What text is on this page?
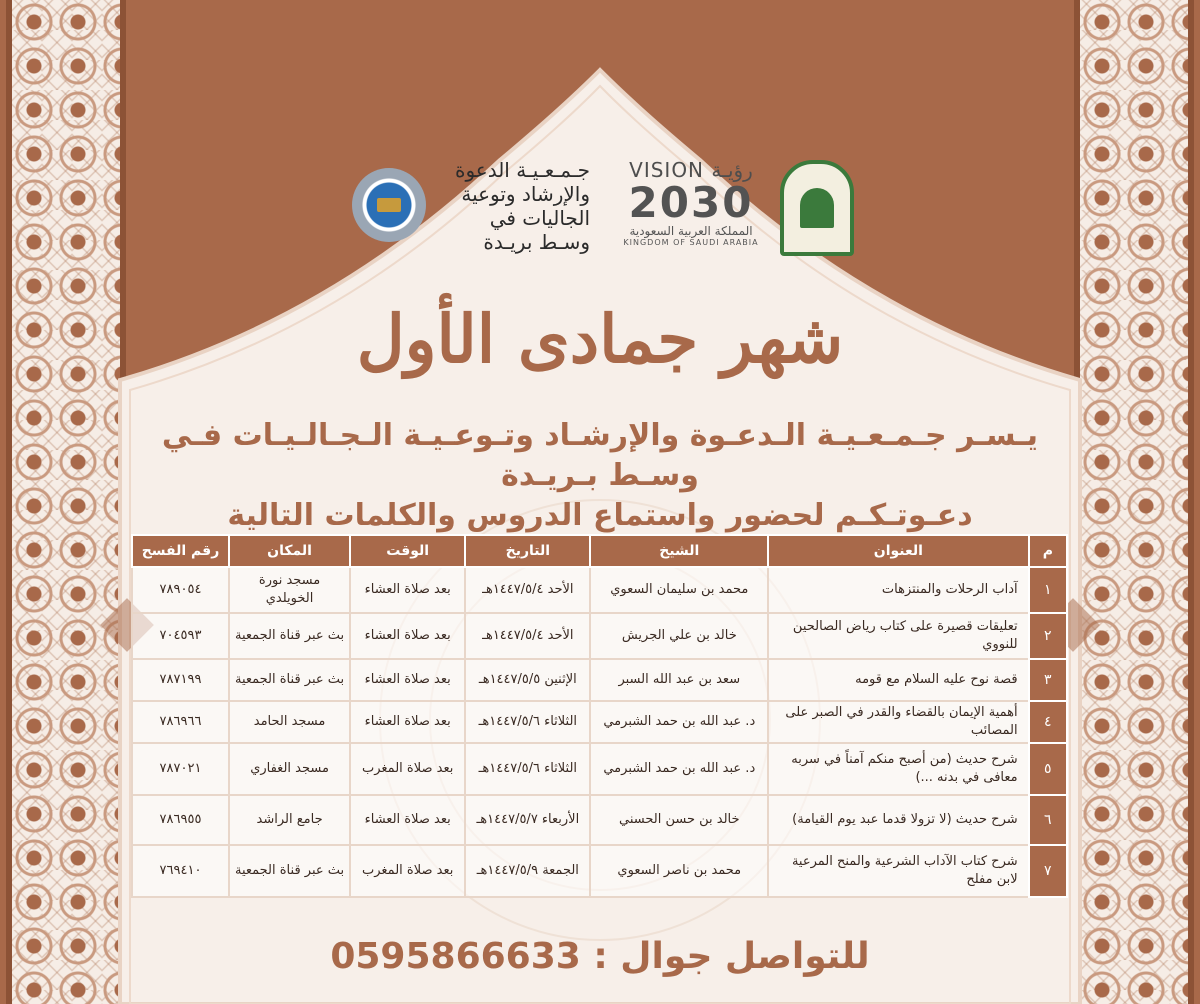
جـمـعـيـة الدعوة والإرشاد وتوعية الجاليات في وسـط بريـدة
VISION رؤيـة
2030
المملكة العربية السعودية
KINGDOM OF SAUDI ARABIA
شهر جمادى الأول
يـسـر جـمـعـيـة الـدعـوة والإرشـاد وتـوعـيـة الـجـالـيـات فـي وسـط بـريـدة
دعـوتـكـم لحضور واستماع الدروس والكلمات التالية
م	العنوان	الشيخ	التاريخ	الوقت	المكان	رقم الفسح
١	آداب الرحلات والمنتزهات	محمد بن سليمان السعوي	الأحد ١٤٤٧/٥/٤هـ	بعد صلاة العشاء	مسجد نورة الخويلدي	٧٨٩٠٥٤
٢	تعليقات قصيرة على كتاب رياض الصالحين للنووي	خالد بن علي الجريش	الأحد ١٤٤٧/٥/٤هـ	بعد صلاة العشاء	بث عبر قناة الجمعية	٧٠٤٥٩٣
٣	قصة نوح عليه السلام مع قومه	سعد بن عبد الله السبر	الإثنين ١٤٤٧/٥/٥هـ	بعد صلاة العشاء	بث عبر قناة الجمعية	٧٨٧١٩٩
٤	أهمية الإيمان بالقضاء والقدر في الصبر على المصائب	د. عبد الله بن حمد الشبرمي	الثلاثاء ١٤٤٧/٥/٦هـ	بعد صلاة العشاء	مسجد الحامد	٧٨٦٩٦٦
٥	شرح حديث (من أصبح منكم آمناً في سربه معافى في بدنه ...)	د. عبد الله بن حمد الشبرمي	الثلاثاء ١٤٤٧/٥/٦هـ	بعد صلاة المغرب	مسجد الغفاري	٧٨٧٠٢١
٦	شرح حديث (لا تزولا قدما عبد يوم القيامة)	خالد بن حسن الحسني	الأربعاء ١٤٤٧/٥/٧هـ	بعد صلاة العشاء	جامع الراشد	٧٨٦٩٥٥
٧	شرح كتاب الآداب الشرعية والمنح المرعية لابن مفلح	محمد بن ناصر السعوي	الجمعة ١٤٤٧/٥/٩هـ	بعد صلاة المغرب	بث عبر قناة الجمعية	٧٦٩٤١٠
للتواصل جوال : 0595866633
